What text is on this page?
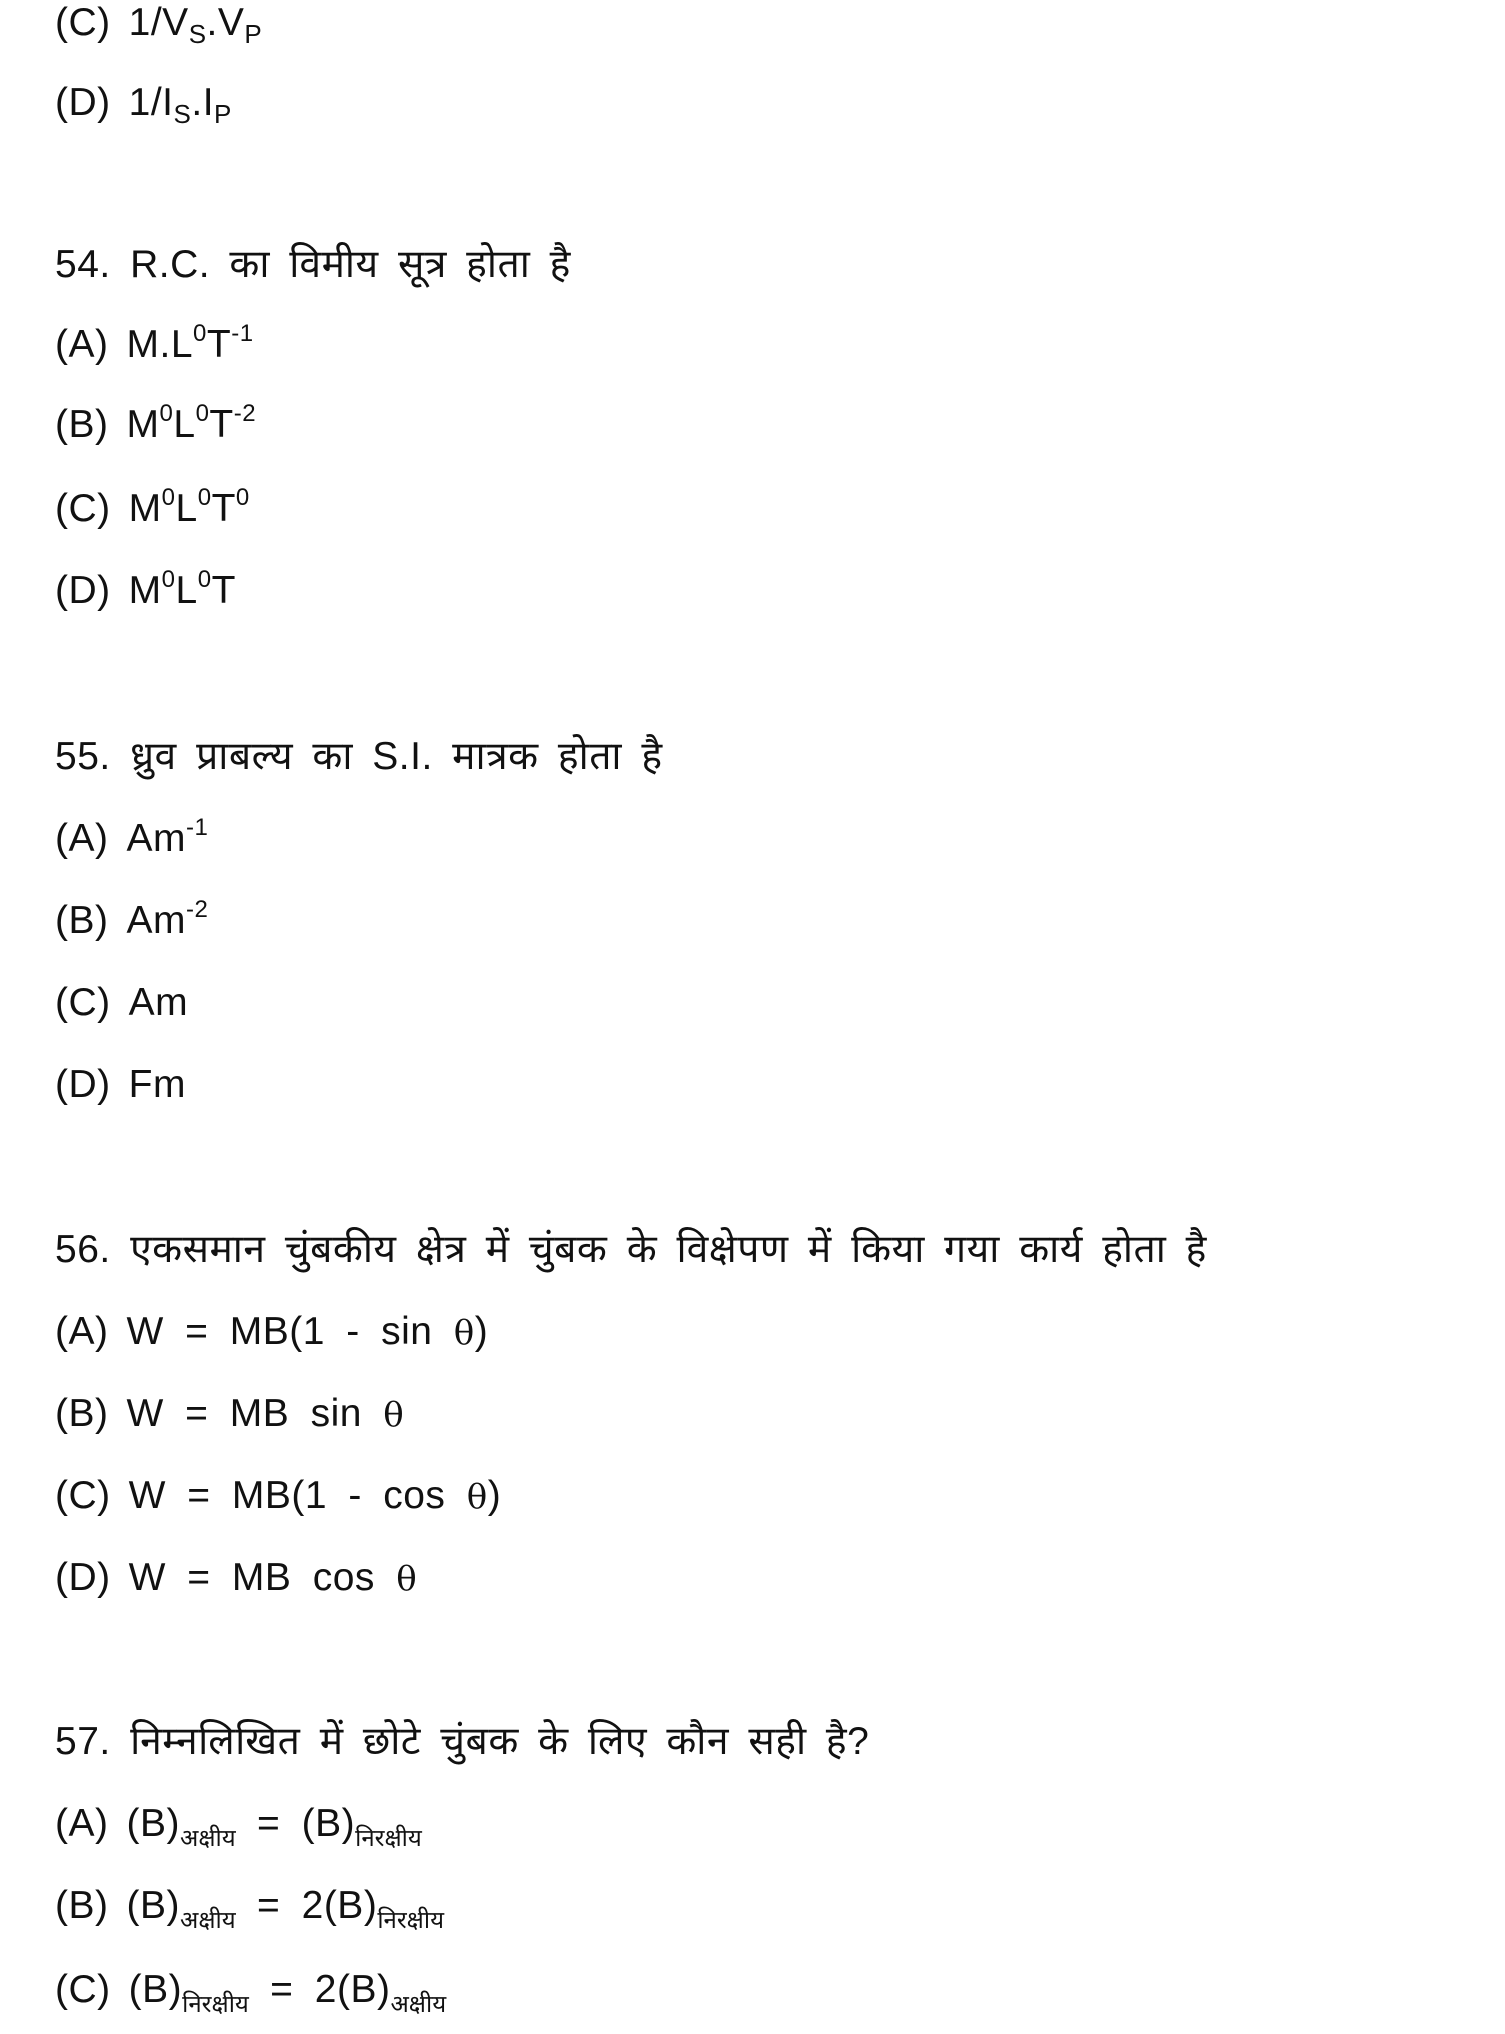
(C) $1/V_S.V_P$
(D) $1/I_S.I_P$
54. R.C. का विमीय सूत्र होता है
(A) $M.L^0T^{-1}$
(B) $M^0L^0T^{-2}$
(C) $M^0L^0T^0$
(D) $M^0L^0T$
55. ध्रुव प्राबल्य का S.I. मात्रक होता है
(A) $Am^{-1}$
(B) $Am^{-2}$
(C) Am
(D) Fm
56. एकसमान चुंबकीय क्षेत्र में चुंबक के विक्षेपण में किया गया कार्य होता है
(A) W = MB(1 - sin θ)
(B) W = MB sin θ
(C) W = MB(1 - cos θ)
(D) W = MB cos θ
57. निम्नलिखित में छोटे चुंबक के लिए कौन सही है?
(A) $(B)_{अक्षीय} = (B)_{निरक्षीय}$
(B) $(B)_{अक्षीय} = 2(B)_{निरक्षीय}$
(C) $(B)_{निरक्षीय} = 2(B)_{अक्षीय}$
